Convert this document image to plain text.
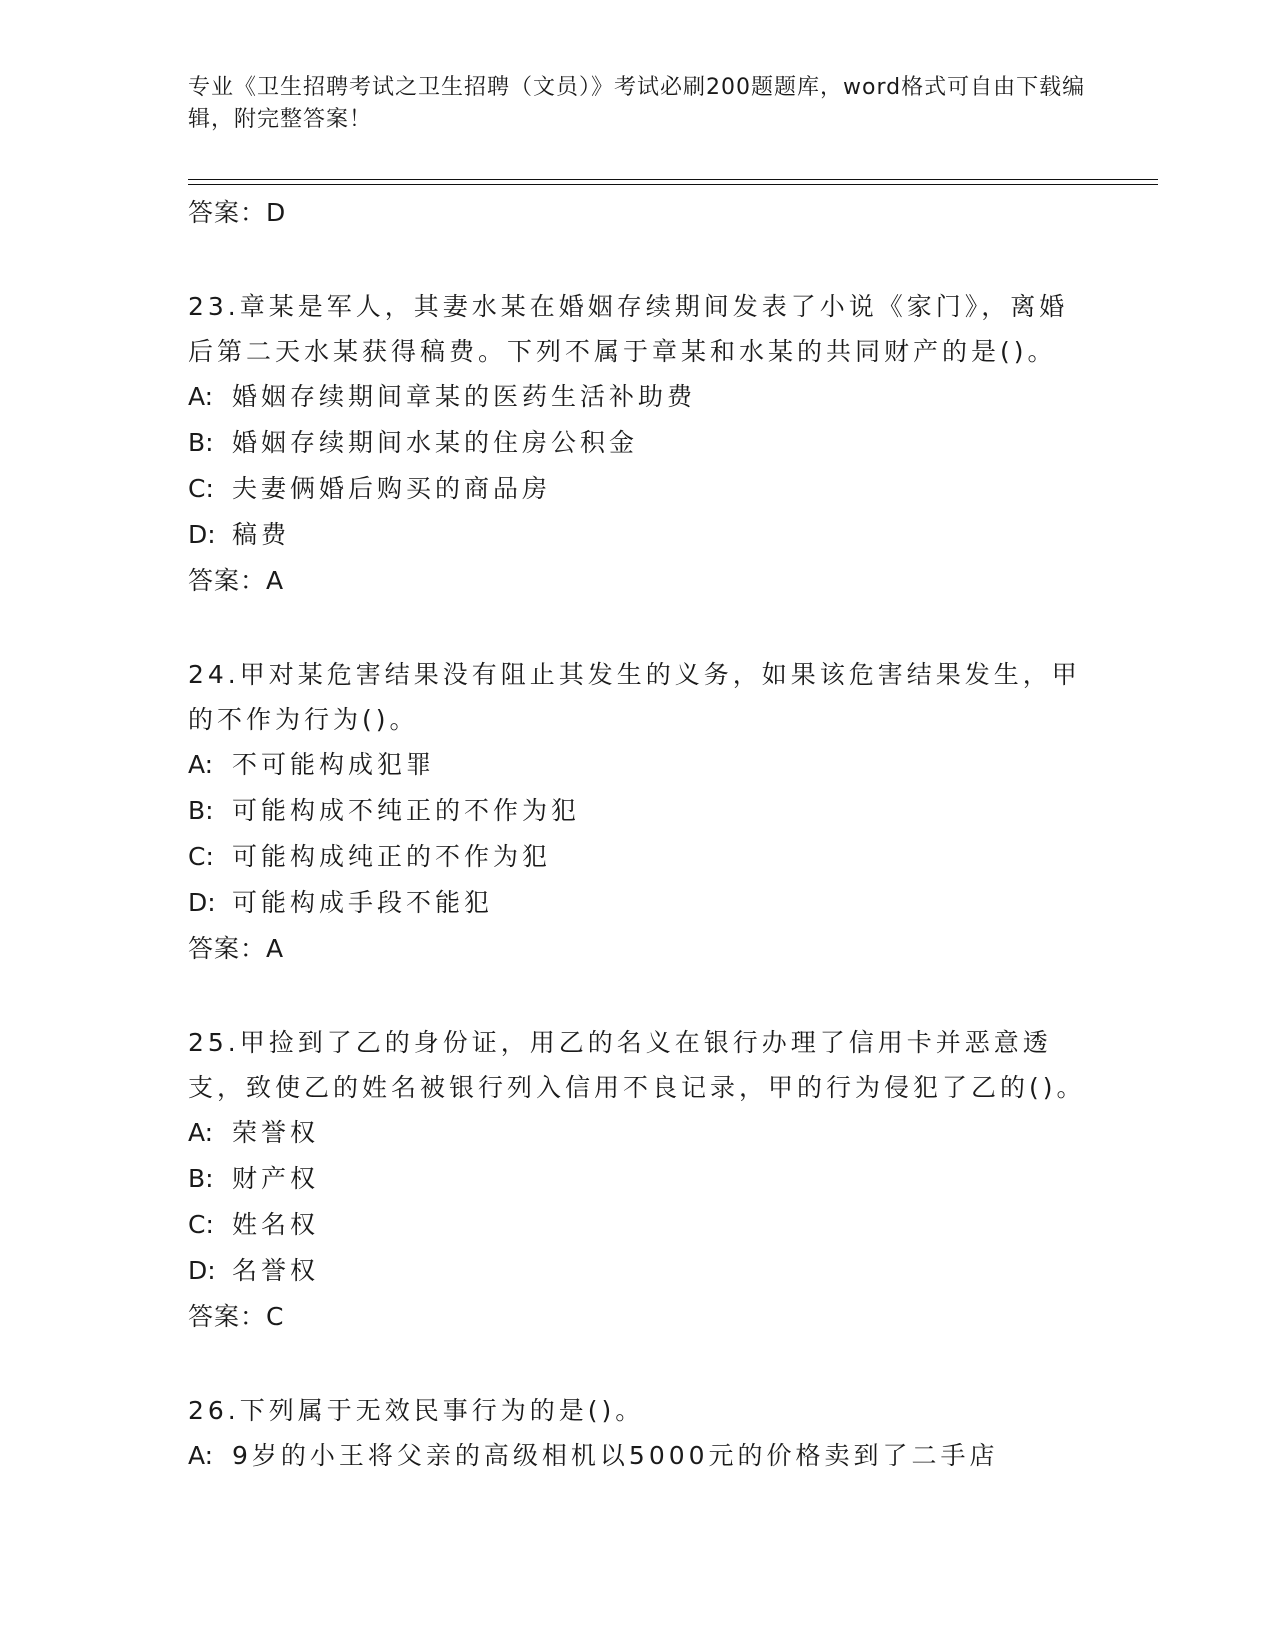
专业《卫生招聘考试之卫生招聘（文员）》考试必刷200题题库，word格式可自由下载编辑，附完整答案！
答案：D
23.章某是军人，其妻水某在婚姻存续期间发表了小说《家门》，离婚后第二天水某获得稿费。下列不属于章某和水某的共同财产的是()。
A: 婚姻存续期间章某的医药生活补助费
B: 婚姻存续期间水某的住房公积金
C: 夫妻俩婚后购买的商品房
D: 稿费
答案：A
24.甲对某危害结果没有阻止其发生的义务，如果该危害结果发生，甲的不作为行为()。
A: 不可能构成犯罪
B: 可能构成不纯正的不作为犯
C: 可能构成纯正的不作为犯
D: 可能构成手段不能犯
答案：A
25.甲捡到了乙的身份证，用乙的名义在银行办理了信用卡并恶意透支，致使乙的姓名被银行列入信用不良记录，甲的行为侵犯了乙的()。
A: 荣誉权
B: 财产权
C: 姓名权
D: 名誉权
答案：C
26.下列属于无效民事行为的是()。
A: 9岁的小王将父亲的高级相机以5000元的价格卖到了二手店
